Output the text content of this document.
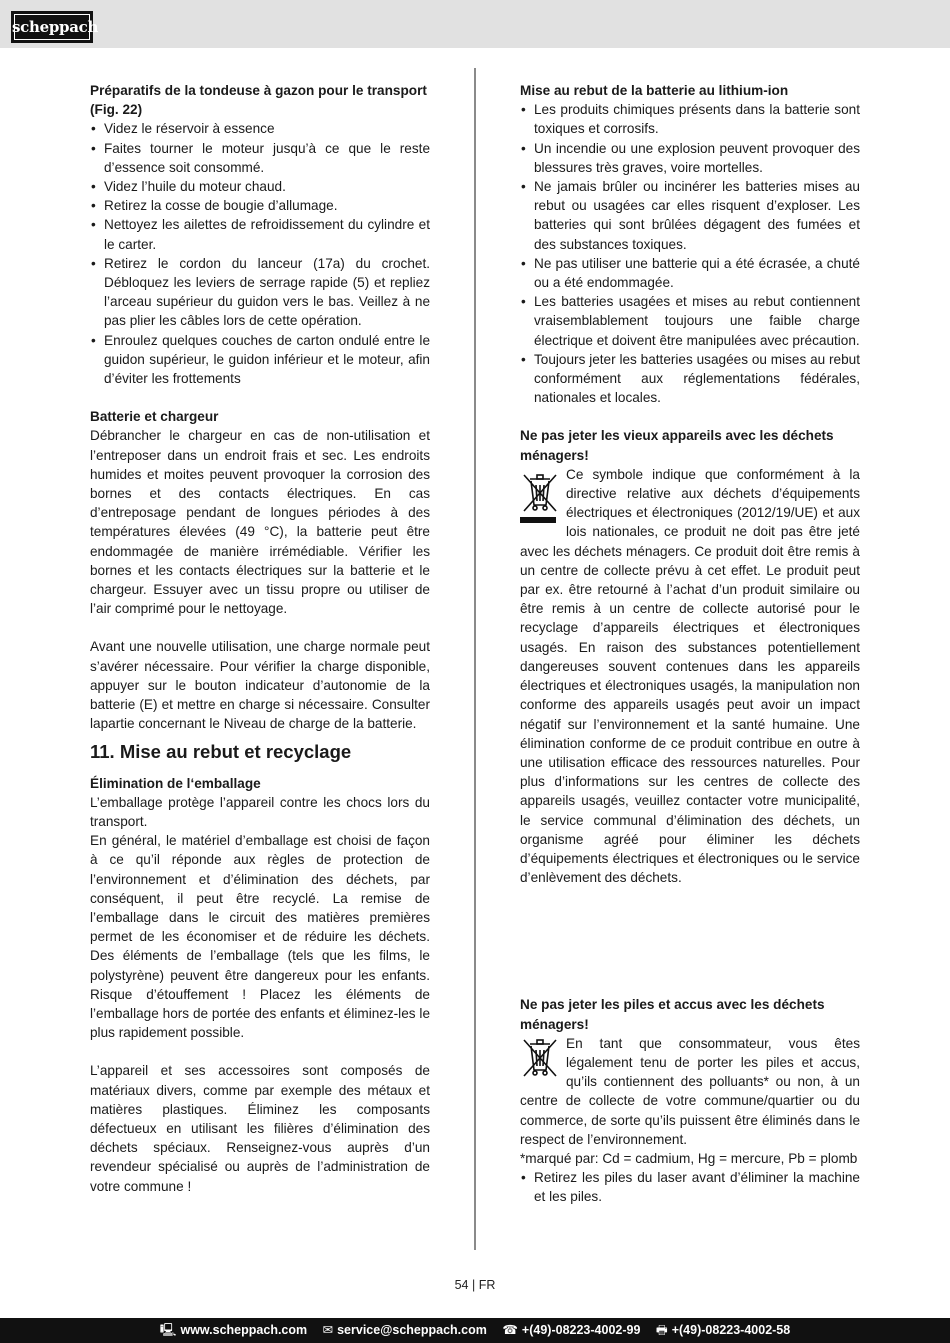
scheppach

Préparatifs de la tondeuse à gazon pour le transport (Fig. 22)

• Videz le réservoir à essence
• Faites tourner le moteur jusqu’à ce que le reste d’essence soit consommé.
• Videz l’huile du moteur chaud.
• Retirez la cosse de bougie d’allumage.
• Nettoyez les ailettes de refroidissement du cylindre et le carter.
• Retirez le cordon du lanceur (17a) du crochet. Débloquez les leviers de serrage rapide (5) et repliez l’arceau supérieur du guidon vers le bas. Veillez à ne pas plier les câbles lors de cette opération.
• Enroulez quelques couches de carton ondulé entre le guidon supérieur, le guidon inférieur et le moteur, afin d’éviter les frottements

Batterie et chargeur

Débrancher le chargeur en cas de non-utilisation et l’entreposer dans un endroit frais et sec. Les endroits humides et moites peuvent provoquer la corrosion des bornes et des contacts électriques. En cas d’entreposage pendant de longues périodes à des températures élevées (49 °C), la batterie peut être endommagée de manière irrémédiable. Vérifier les bornes et les contacts électriques sur la batterie et le chargeur. Essuyer avec un tissu propre ou utiliser de l’air comprimé pour le nettoyage.

Avant une nouvelle utilisation, une charge normale peut s’avérer nécessaire. Pour vérifier la charge disponible, appuyer sur le bouton indicateur d’autonomie de la batterie (E) et mettre en charge si nécessaire. Consulter lapartie concernant le Niveau de charge de la batterie.

11. Mise au rebut et recyclage

Élimination de l‘emballage

L’emballage protège l’appareil contre les chocs lors du transport.

En général, le matériel d’emballage est choisi de façon à ce qu’il réponde aux règles de protection de l’environnement et d’élimination des déchets, par conséquent, il peut être recyclé. La remise de l’emballage dans le circuit des matières premières permet de les économiser et de réduire les déchets. Des éléments de l’emballage (tels que les films, le polystyrène) peuvent être dangereux pour les enfants. Risque d’étouffement ! Placez les éléments de l’emballage hors de portée des enfants et éliminez-les le plus rapidement possible.

L’appareil et ses accessoires sont composés de matériaux divers, comme par exemple des métaux et matières plastiques. Éliminez les composants défectueux en utilisant les filières d’élimination des déchets spéciaux. Renseignez-vous auprès d’un revendeur spécialisé ou auprès de l’administration de votre commune !

Mise au rebut de la batterie au lithium-ion

• Les produits chimiques présents dans la batterie sont toxiques et corrosifs.
• Un incendie ou une explosion peuvent provoquer des blessures très graves, voire mortelles.
• Ne jamais brûler ou incinérer les batteries mises au rebut ou usagées car elles risquent d’exploser. Les batteries qui sont brûlées dégagent des fumées et des substances toxiques.
• Ne pas utiliser une batterie qui a été écrasée, a chuté ou a été endommagée.
• Les batteries usagées et mises au rebut contiennent vraisemblablement toujours une faible charge électrique et doivent être manipulées avec précaution.
• Toujours jeter les batteries usagées ou mises au rebut conformément aux réglementations fédérales, nationales et locales.

Ne pas jeter les vieux appareils avec les déchets ménagers!

Ce symbole indique que conformément à la directive relative aux déchets d’équipements électriques et électroniques (2012/19/UE) et aux lois nationales, ce produit ne doit pas être jeté avec les déchets ménagers. Ce produit doit être remis à un centre de collecte prévu à cet effet. Le produit peut par ex. être retourné à l’achat d’un produit similaire ou être remis à un centre de collecte autorisé pour le recyclage d’appareils électriques et électroniques usagés. En raison des substances potentiellement dangereuses souvent contenues dans les appareils électriques et électroniques usagés, la manipulation non conforme des appareils usagés peut avoir un impact négatif sur l’environnement et la santé humaine. Une élimination conforme de ce produit contribue en outre à une utilisation efficace des ressources naturelles. Pour plus d’informations sur les centres de collecte des appareils usagés, veuillez contacter votre municipalité, le service communal d’élimination des déchets, un organisme agréé pour éliminer les déchets d’équipements électriques et électroniques ou le service d’enlèvement des déchets.

Ne pas jeter les piles et accus avec les déchets ménagers!

En tant que consommateur, vous êtes légalement tenu de porter les piles et accus, qu’ils contiennent des polluants* ou non, à un centre de collecte de votre commune/quartier ou du commerce, de sorte qu’ils puissent être éliminés dans le respect de l’environnement.

*marqué par: Cd = cadmium, Hg = mercure, Pb = plomb

• Retirez les piles du laser avant d’éliminer la machine et les piles.
54 | FR
🖳 www.scheppach.com ✉ service@scheppach.com ☎ +(49)-08223-4002-99 🖶 +(49)-08223-4002-58
